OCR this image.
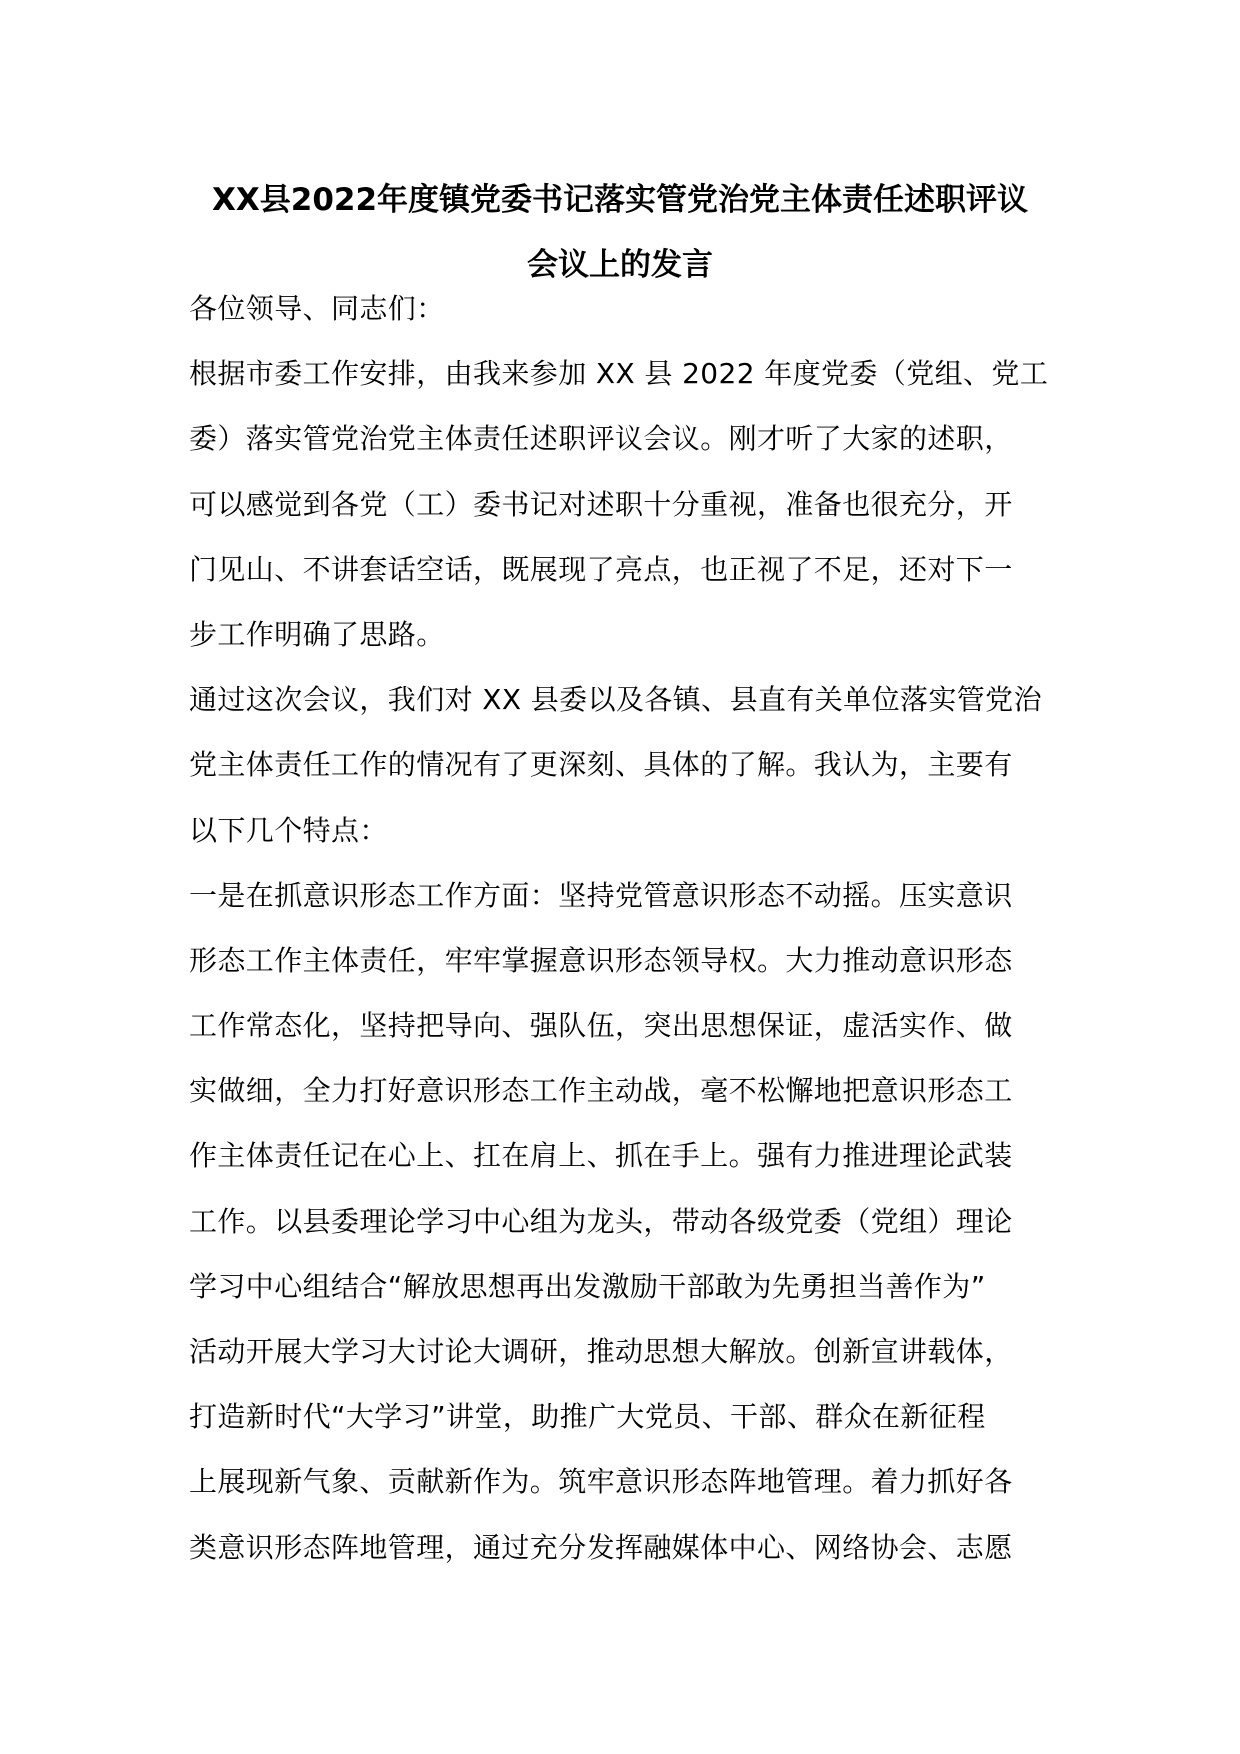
XX县2022年度镇党委书记落实管党治党主体责任述职评议
会议上的发言
各位领导、同志们：
根据市委工作安排，由我来参加 XX 县 2022 年度党委（党组、党工
委）落实管党治党主体责任述职评议会议。刚才听了大家的述职，
可以感觉到各党（工）委书记对述职十分重视，准备也很充分，开
门见山、不讲套话空话，既展现了亮点，也正视了不足，还对下一
步工作明确了思路。
通过这次会议，我们对 XX 县委以及各镇、县直有关单位落实管党治
党主体责任工作的情况有了更深刻、具体的了解。我认为，主要有
以下几个特点：
一是在抓意识形态工作方面：坚持党管意识形态不动摇。压实意识
形态工作主体责任，牢牢掌握意识形态领导权。大力推动意识形态
工作常态化，坚持把导向、强队伍，突出思想保证，虚活实作、做
实做细，全力打好意识形态工作主动战，毫不松懈地把意识形态工
作主体责任记在心上、扛在肩上、抓在手上。强有力推进理论武装
工作。以县委理论学习中心组为龙头，带动各级党委（党组）理论
学习中心组结合“解放思想再出发激励干部敢为先勇担当善作为”
活动开展大学习大讨论大调研，推动思想大解放。创新宣讲载体，
打造新时代“大学习”讲堂，助推广大党员、干部、群众在新征程
上展现新气象、贡献新作为。筑牢意识形态阵地管理。着力抓好各
类意识形态阵地管理，通过充分发挥融媒体中心、网络协会、志愿
